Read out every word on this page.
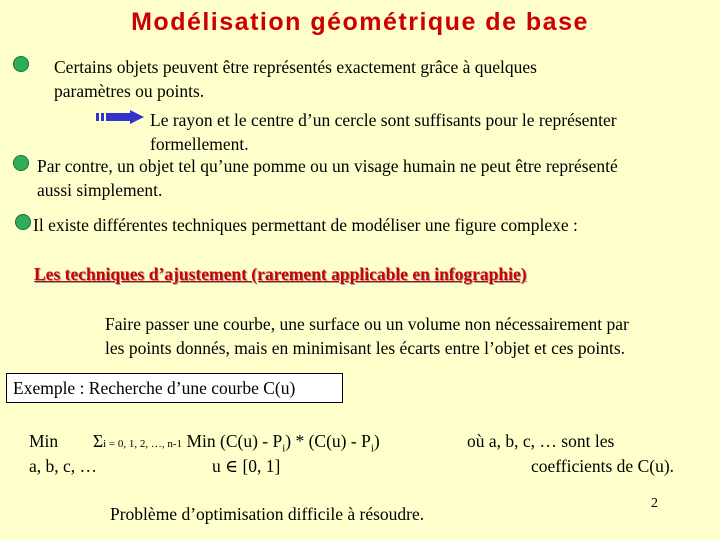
Modélisation géométrique de base
Certains objets peuvent être représentés exactement grâce à quelques
paramètres ou points.
Le rayon et le centre d’un cercle sont suffisants pour le représenter
formellement.
Par contre, un objet tel qu’une pomme ou un visage humain ne peut être représenté
aussi simplement.
Il existe différentes techniques permettant de modéliser une figure complexe :
Les techniques d’ajustement (rarement applicable en infographie)
Faire passer une courbe, une surface ou un volume non nécessairement par
les points donnés, mais en minimisant les écarts entre l’objet et ces points.
Exemple : Recherche d’une courbe C(u)
Min Σi = 0, 1, 2, …, n-1 Min $(C(u) - P_i) * (C(u) - P_i)$	où a, b, c, … sont les
a, b, c, …	u ∈ [0, 1]	coefficients de C(u).
Problème d’optimisation difficile à résoudre.
2
